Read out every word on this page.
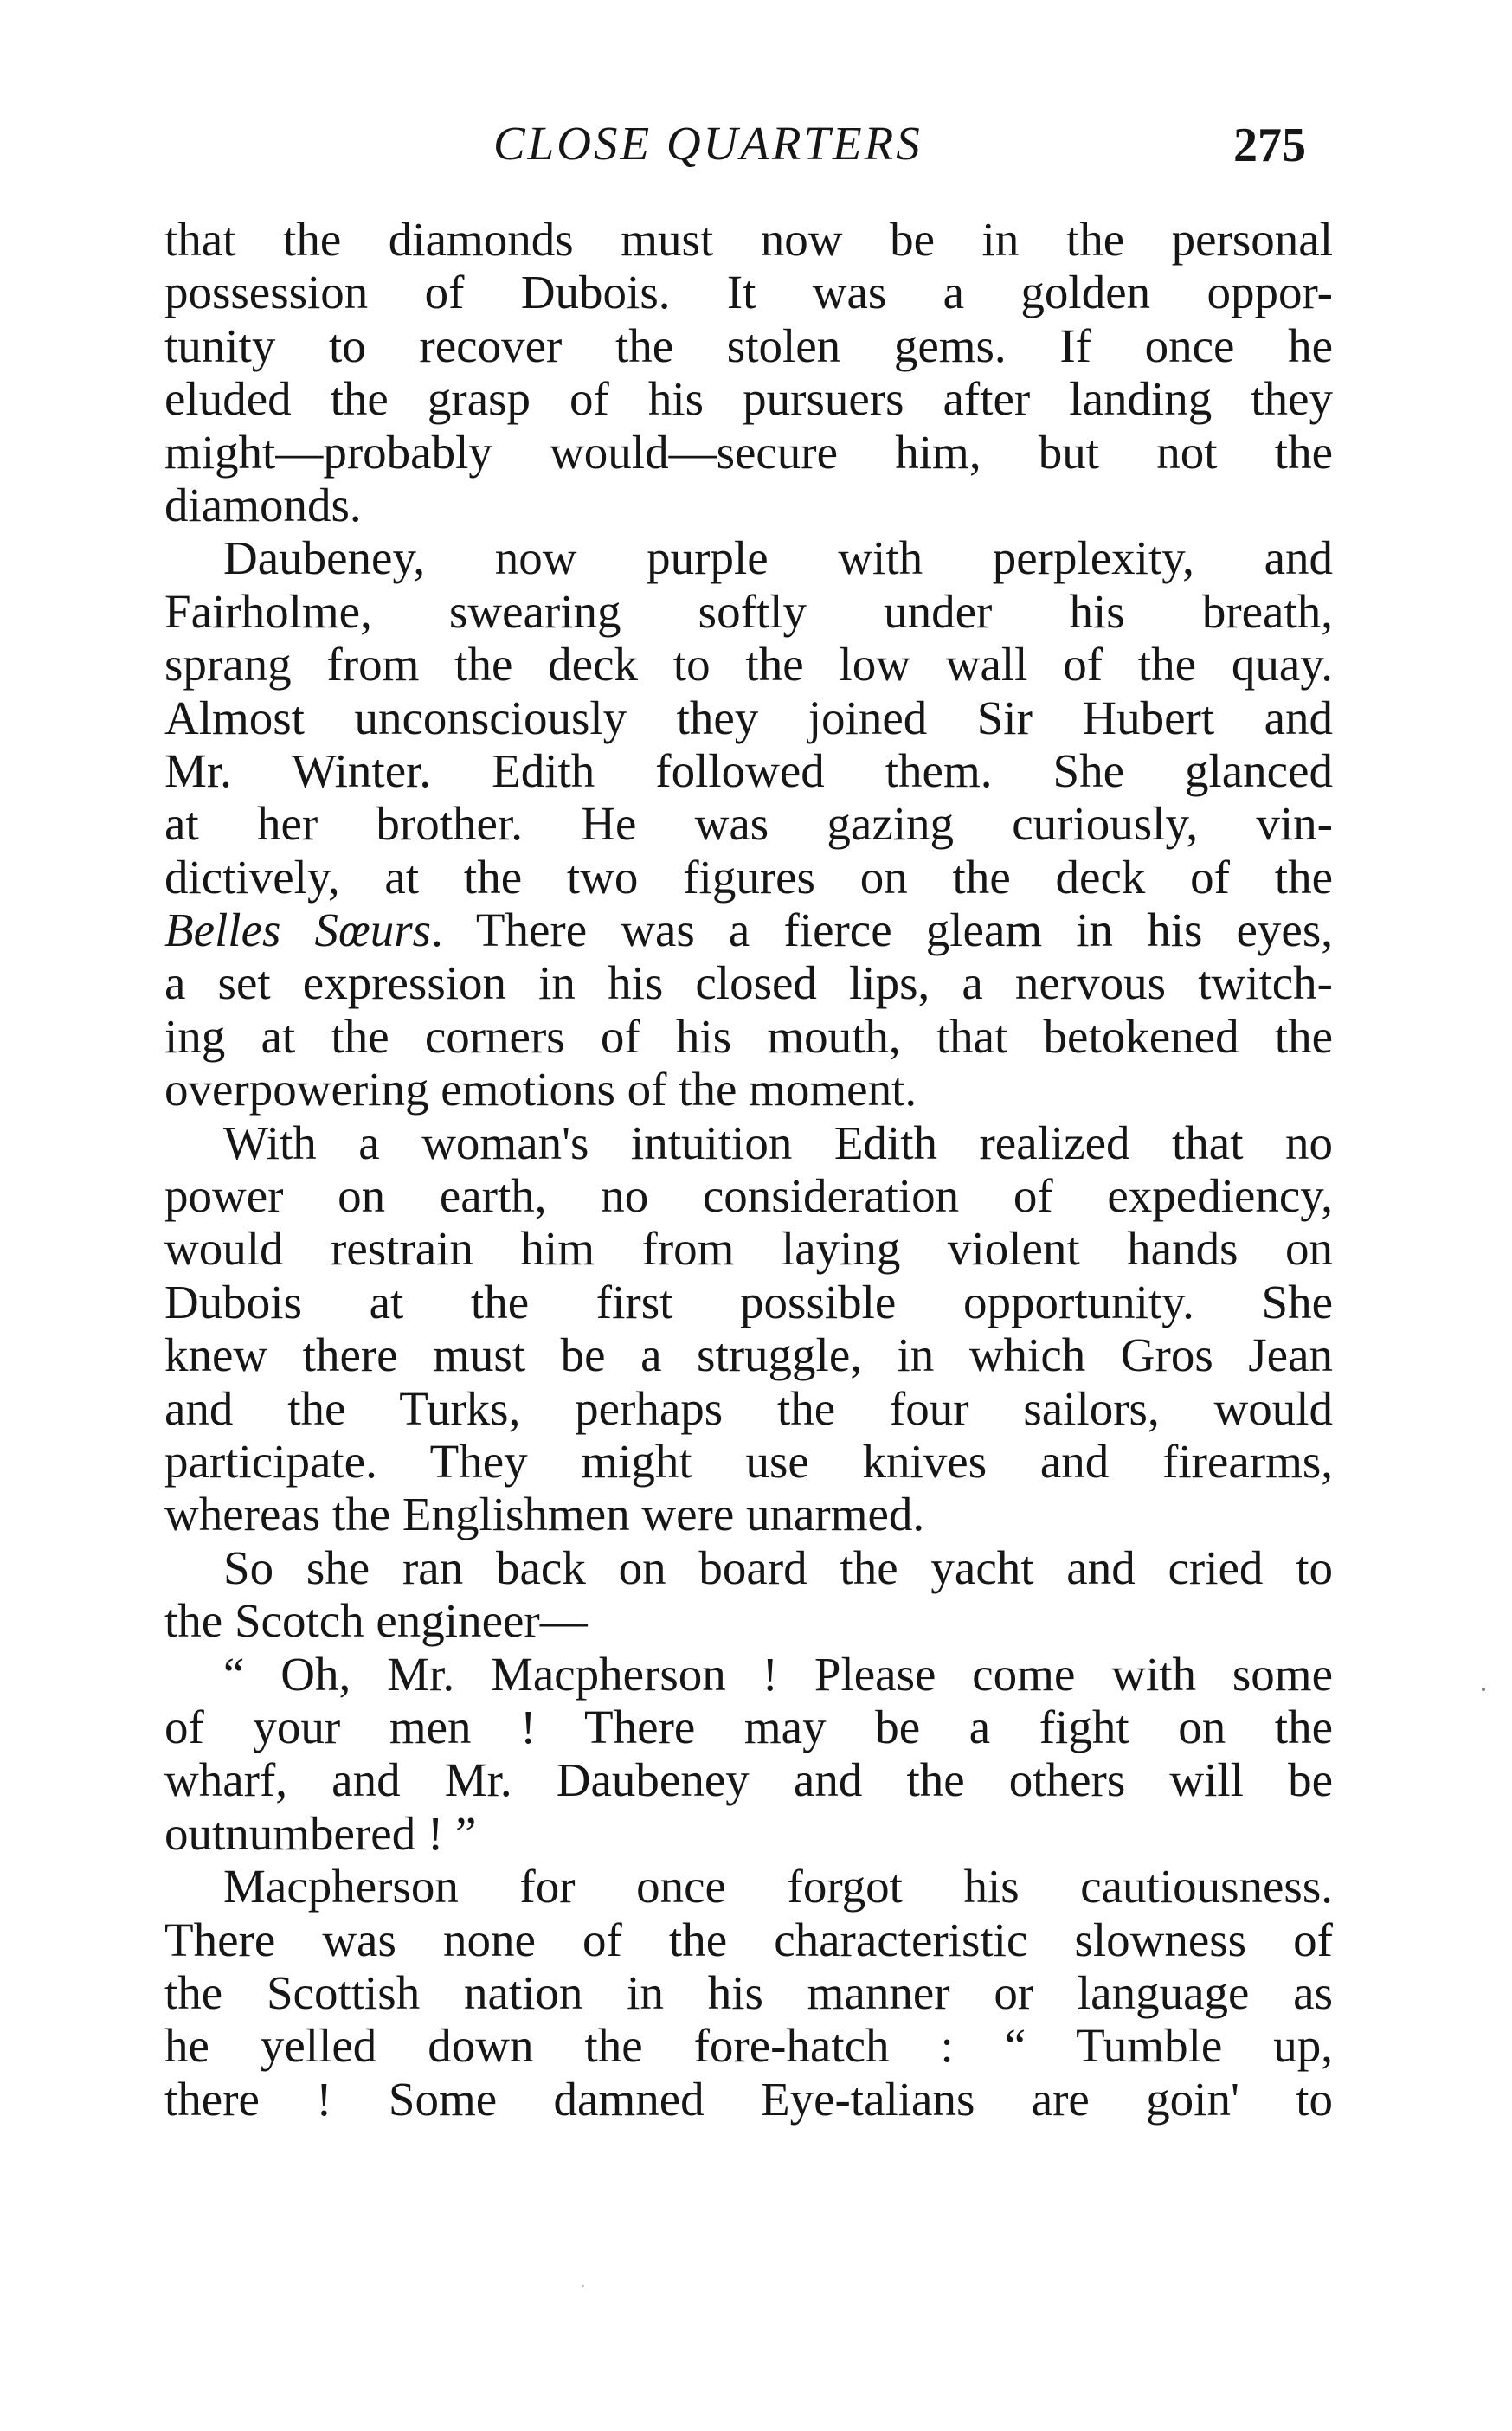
CLOSE QUARTERS	275
that the diamonds must now be in the personal
possession of Dubois. It was a golden oppor-
tunity to recover the stolen gems. If once he
eluded the grasp of his pursuers after landing they
might—probably would—secure him, but not the
diamonds.
Daubeney, now purple with perplexity, and
Fairholme, swearing softly under his breath,
sprang from the deck to the low wall of the quay.
Almost unconsciously they joined Sir Hubert and
Mr. Winter. Edith followed them. She glanced
at her brother. He was gazing curiously, vin-
dictively, at the two figures on the deck of the
Belles Sœurs. There was a fierce gleam in his eyes,
a set expression in his closed lips, a nervous twitch-
ing at the corners of his mouth, that betokened the
overpowering emotions of the moment.
With a woman's intuition Edith realized that no
power on earth, no consideration of expediency,
would restrain him from laying violent hands on
Dubois at the first possible opportunity. She
knew there must be a struggle, in which Gros Jean
and the Turks, perhaps the four sailors, would
participate. They might use knives and firearms,
whereas the Englishmen were unarmed.
So she ran back on board the yacht and cried to
the Scotch engineer—
“ Oh, Mr. Macpherson ! Please come with some
of your men ! There may be a fight on the
wharf, and Mr. Daubeney and the others will be
outnumbered ! ”
Macpherson for once forgot his cautiousness.
There was none of the characteristic slowness of
the Scottish nation in his manner or language as
he yelled down the fore-hatch : “ Tumble up,
there ! Some damned Eye-talians are goin' to
